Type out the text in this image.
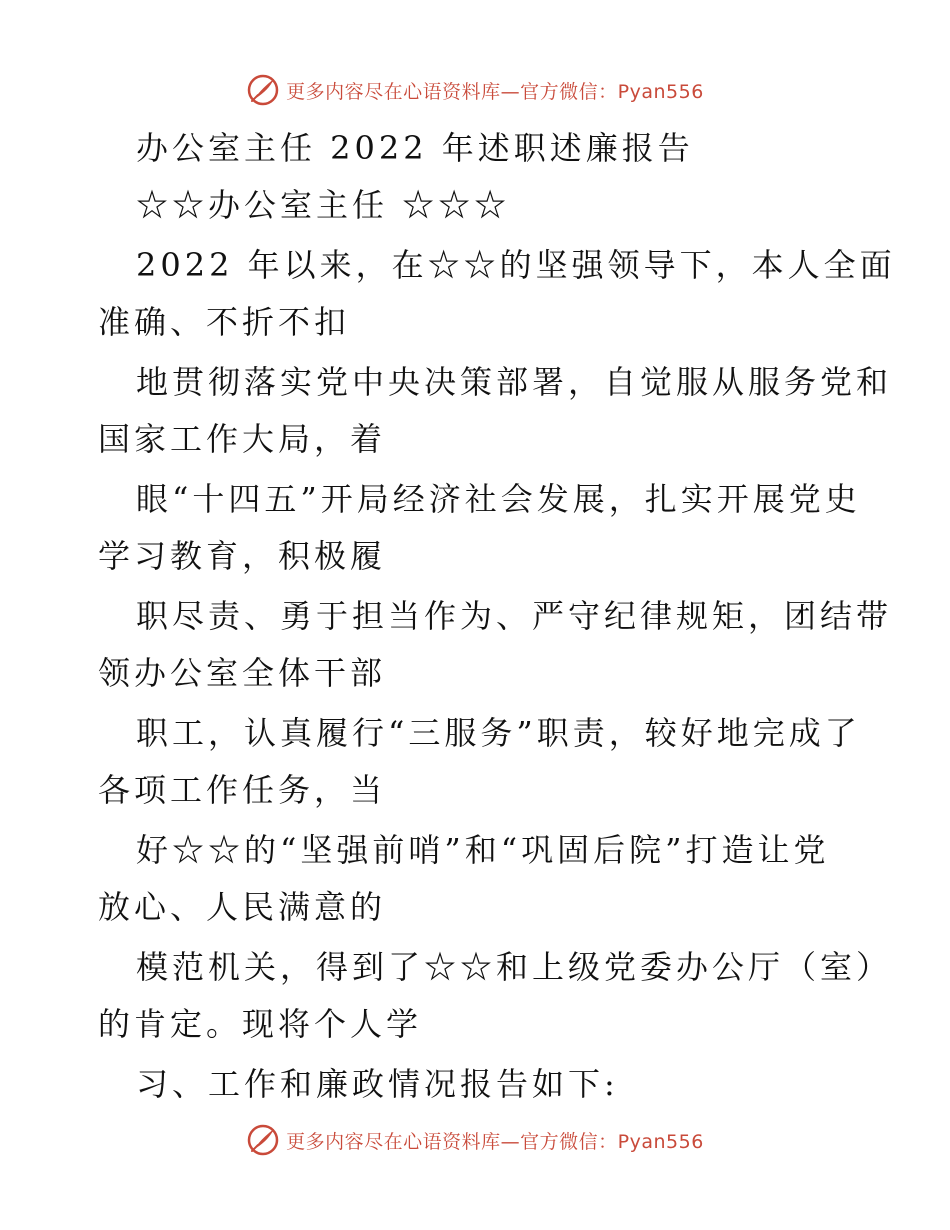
更多内容尽在心语资料库—官方微信：Pyan556
办公室主任 2022 年述职述廉报告
☆☆办公室主任 ☆☆☆
2022 年以来，在☆☆的坚强领导下，本人全面
准确、不折不扣
地贯彻落实党中央决策部署，自觉服从服务党和
国家工作大局，着
眼“十四五”开局经济社会发展，扎实开展党史
学习教育，积极履
职尽责、勇于担当作为、严守纪律规矩，团结带
领办公室全体干部
职工，认真履行“三服务”职责，较好地完成了
各项工作任务，当
好☆☆的“坚强前哨”和“巩固后院”打造让党
放心、人民满意的
模范机关，得到了☆☆和上级党委办公厅（室）
的肯定。现将个人学
习、工作和廉政情况报告如下:
更多内容尽在心语资料库—官方微信：Pyan556
